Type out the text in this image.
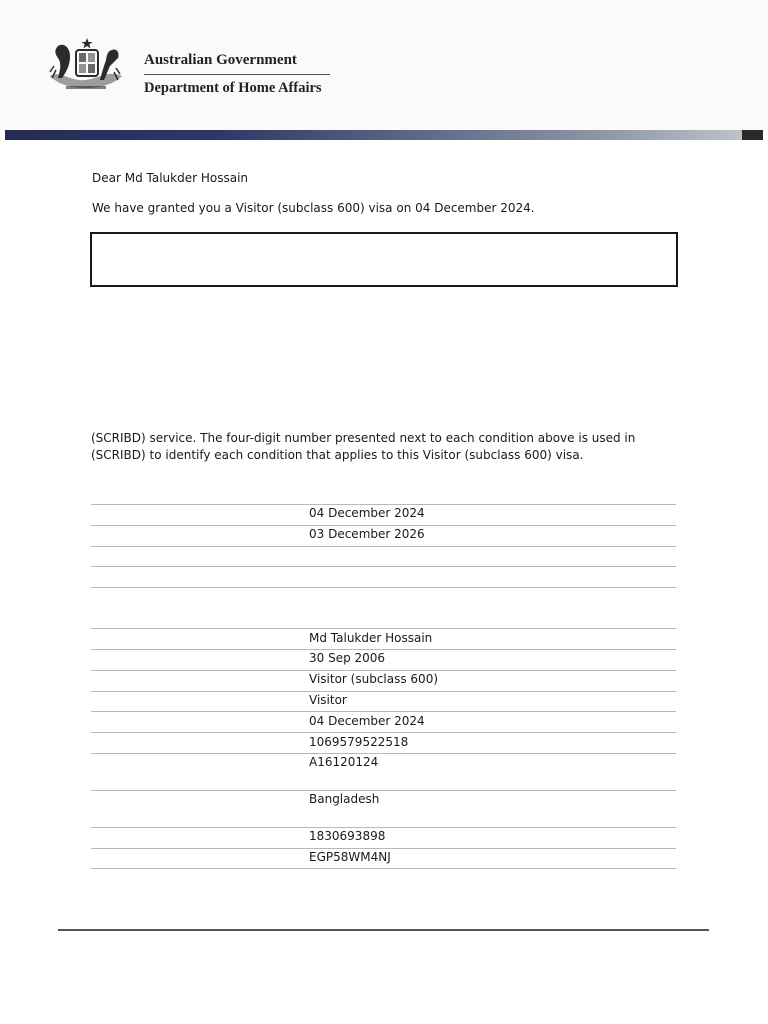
Australian Government
Department of Home Affairs
Dear Md Talukder Hossain
We have granted you a Visitor (subclass 600) visa on 04 December 2024.
(SCRIBD) service. The four-digit number presented next to each condition above is used in
(SCRIBD) to identify each condition that applies to this Visitor (subclass 600) visa.
04 December 2024
03 December 2026
Md Talukder Hossain
30 Sep 2006
Visitor (subclass 600)
Visitor
04 December 2024
1069579522518
A16120124
Bangladesh
1830693898
EGP58WM4NJ
